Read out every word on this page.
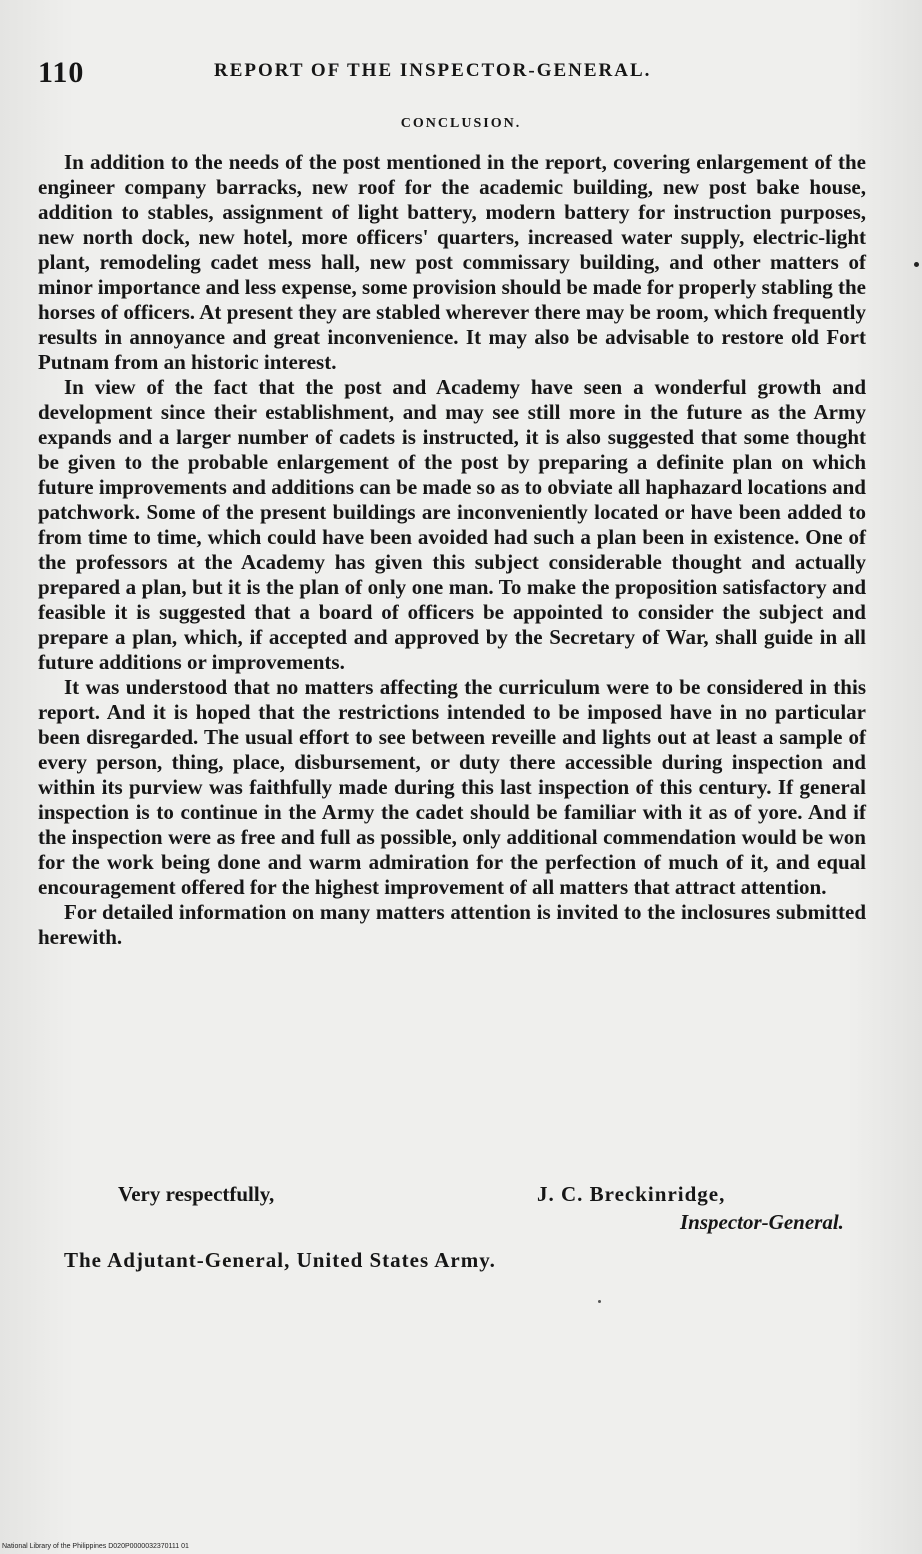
110	REPORT OF THE INSPECTOR-GENERAL.
CONCLUSION.

In addition to the needs of the post mentioned in the report, covering enlargement of the engineer company barracks, new roof for the academic building, new post bake house, addition to stables, assignment of light battery, modern battery for instruction purposes, new north dock, new hotel, more officers' quarters, increased water supply, electric-light plant, remodeling cadet mess hall, new post commissary building, and other matters of minor importance and less expense, some provision should be made for properly stabling the horses of officers. At present they are stabled wherever there may be room, which frequently results in annoyance and great inconvenience. It may also be advisable to restore old Fort Putnam from an historic interest.

In view of the fact that the post and Academy have seen a wonderful growth and development since their establishment, and may see still more in the future as the Army expands and a larger number of cadets is instructed, it is also suggested that some thought be given to the probable enlargement of the post by preparing a definite plan on which future improvements and additions can be made so as to obviate all haphazard locations and patchwork. Some of the present buildings are inconveniently located or have been added to from time to time, which could have been avoided had such a plan been in existence. One of the professors at the Academy has given this subject considerable thought and actually prepared a plan, but it is the plan of only one man. To make the proposition satisfactory and feasible it is suggested that a board of officers be appointed to consider the subject and prepare a plan, which, if accepted and approved by the Secretary of War, shall guide in all future additions or improvements.

It was understood that no matters affecting the curriculum were to be considered in this report. And it is hoped that the restrictions intended to be imposed have in no particular been disregarded. The usual effort to see between reveille and lights out at least a sample of every person, thing, place, disbursement, or duty there accessible during inspection and within its purview was faithfully made during this last inspection of this century. If general inspection is to continue in the Army the cadet should be familiar with it as of yore. And if the inspection were as free and full as possible, only additional commendation would be won for the work being done and warm admiration for the perfection of much of it, and equal encouragement offered for the highest improvement of all matters that attract attention.

For detailed information on many matters attention is invited to the inclosures submitted herewith.

Very respectfully,	J. C. Breckinridge,
Inspector-General.
The Adjutant-General, United States Army.
National Library of the Philippines D020P0000032370111 01
